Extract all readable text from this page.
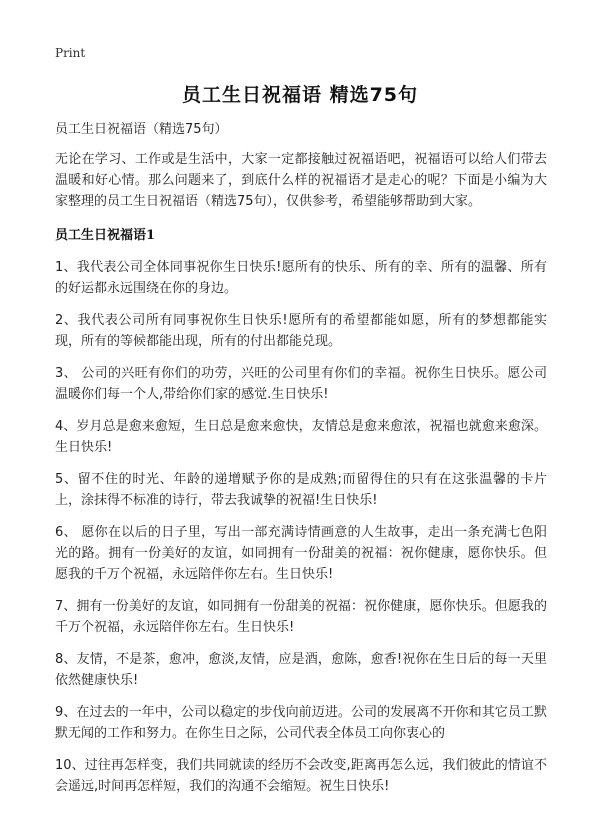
Print
员工生日祝福语 精选75句

员工生日祝福语（精选75句）

无论在学习、工作或是生活中，大家一定都接触过祝福语吧，祝福语可以给人们带去温暖和好心情。那么问题来了，到底什么样的祝福语才是走心的呢？下面是小编为大家整理的员工生日祝福语（精选75句），仅供参考，希望能够帮助到大家。

员工生日祝福语1

1、我代表公司全体同事祝你生日快乐!愿所有的快乐、所有的幸、所有的温馨、所有的好运都永远围绕在你的身边。

2、我代表公司所有同事祝你生日快乐!愿所有的希望都能如愿，所有的梦想都能实现，所有的等候都能出现，所有的付出都能兑现。

3、 公司的兴旺有你们的功劳，兴旺的公司里有你们的幸福。祝你生日快乐。愿公司温暖你们每一个人,带给你们家的感觉.生日快乐!

4、岁月总是愈来愈短，生日总是愈来愈快，友情总是愈来愈浓，祝福也就愈来愈深。生日快乐!

5、留不住的时光、年龄的递增赋予你的是成熟;而留得住的只有在这张温馨的卡片上，涂抹得不标准的诗行，带去我诚挚的祝福!生日快乐!

6、 愿你在以后的日子里，写出一部充满诗情画意的人生故事，走出一条充满七色阳光的路。拥有一份美好的友谊，如同拥有一份甜美的祝福：祝你健康，愿你快乐。但愿我的千万个祝福，永远陪伴你左右。生日快乐!

7、拥有一份美好的友谊，如同拥有一份甜美的祝福：祝你健康，愿你快乐。但愿我的千万个祝福，永远陪伴你左右。生日快乐!

8、友情，不是茶，愈冲，愈淡,友情，应是酒，愈陈，愈香!祝你在生日后的每一天里依然健康快乐!

9、在过去的一年中，公司以稳定的步伐向前迈进。公司的发展离不开你和其它员工默默无闻的工作和努力。在你生日之际，公司代表全体员工向你衷心的

10、过往再怎样变，我们共同就读的经历不会改变,距离再怎么远，我们彼此的情谊不会遥远,时间再怎样短，我们的沟通不会缩短。祝生日快乐!
